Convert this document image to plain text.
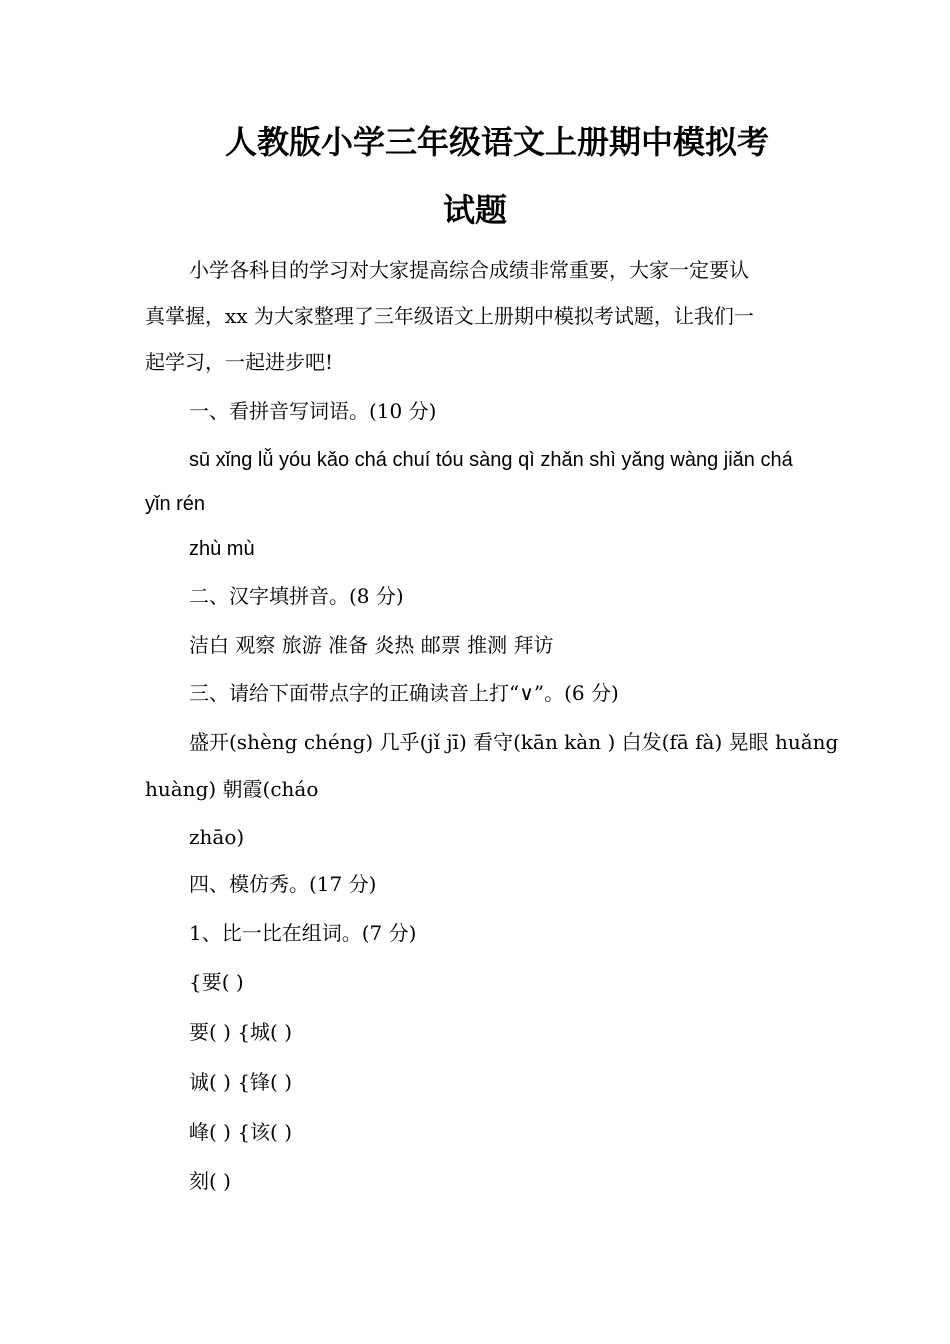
人教版小学三年级语文上册期中模拟考
试题
小学各科目的学习对大家提高综合成绩非常重要，大家一定要认
真掌握，xx 为大家整理了三年级语文上册期中模拟考试题，让我们一
起学习，一起进步吧!
一、看拼音写词语。(10 分)
sū xǐng lǚ yóu kǎo chá chuí tóu sàng qì zhǎn shì yǎng wàng jiǎn chá
yǐn rén
zhù mù
二、汉字填拼音。(8 分)
洁白 观察 旅游 准备 炎热 邮票 推测 拜访
三、请给下面带点字的正确读音上打“∨”。(6 分)
盛开(shèng chéng) 几乎(jǐ jī) 看守(kān kàn ) 白发(fā fà) 晃眼 huǎng
huàng) 朝霞(cháo
zhāo)
四、模仿秀。(17 分)
1、比一比在组词。(7 分)
{要( )
要( ) {城( )
诚( ) {锋( )
峰( ) {该( )
刻( )
